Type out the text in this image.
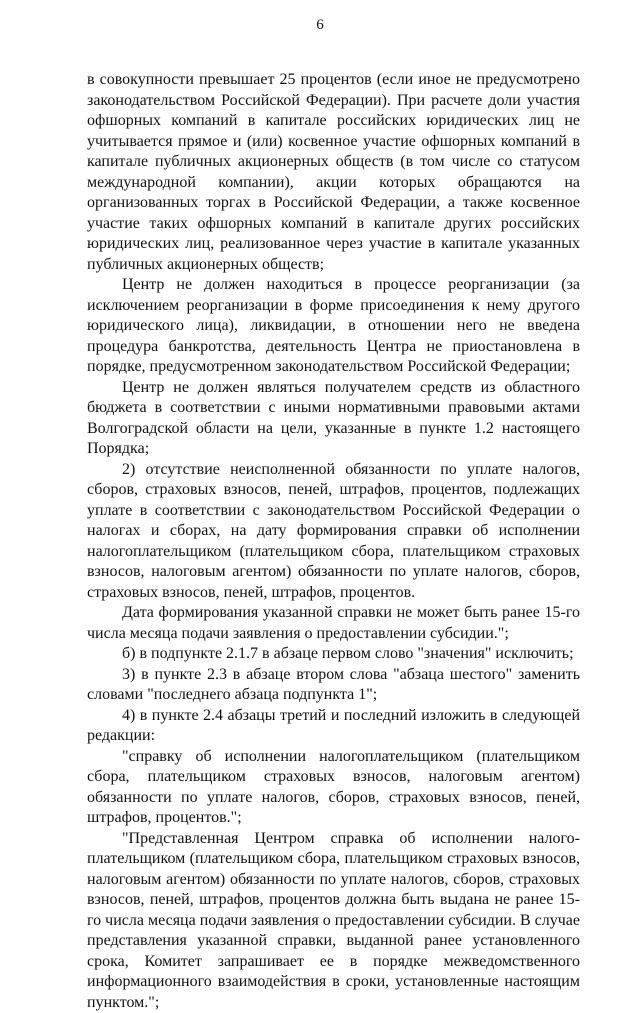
6

в совокупности превышает 25 процентов (если иное не предусмотрено законодательством Российской Федерации). При расчете доли участия офшорных компаний в капитале российских юридических лиц не учитывается прямое и (или) косвенное участие офшорных компаний в капитале публичных акционерных обществ (в том числе со статусом международной компании), акции которых обращаются на организованных торгах в Российской Федерации, а также косвенное участие таких офшорных компаний в капитале других российских юридических лиц, реализованное через участие в капитале указанных публичных акционерных обществ;

Центр не должен находиться в процессе реорганизации (за исключением реорганизации в форме присоединения к нему другого юридического лица), ликвидации, в отношении него не введена процедура банкротства, деятельность Центра не приостановлена в порядке, предусмотренном законодательством Российской Федерации;

Центр не должен являться получателем средств из областного бюджета в соответствии с иными нормативными правовыми актами Волгоградской области на цели, указанные в пункте 1.2 настоящего Порядка;

2) отсутствие неисполненной обязанности по уплате налогов, сборов, страховых взносов, пеней, штрафов, процентов, подлежащих уплате в соответствии с законодательством Российской Федерации о налогах и сборах, на дату формирования справки об исполнении налогоплательщиком (плательщиком сбора, плательщиком страховых взносов, налоговым агентом) обязанности по уплате налогов, сборов, страховых взносов, пеней, штрафов, процентов.

Дата формирования указанной справки не может быть ранее 15-го числа месяца подачи заявления о предоставлении субсидии.";

б) в подпункте 2.1.7 в абзаце первом слово "значения" исключить;

3) в пункте 2.3 в абзаце втором слова "абзаца шестого" заменить словами "последнего абзаца подпункта 1";

4) в пункте 2.4 абзацы третий и последний изложить в следующей редакции:

"справку об исполнении налогоплательщиком (плательщиком сбора, плательщиком страховых взносов, налоговым агентом) обязанности по уплате налогов, сборов, страховых взносов, пеней, штрафов, процентов.";

"Представленная Центром справка об исполнении налого-плательщиком (плательщиком сбора, плательщиком страховых взносов, налоговым агентом) обязанности по уплате налогов, сборов, страховых взносов, пеней, штрафов, процентов должна быть выдана не ранее 15-го числа месяца подачи заявления о предоставлении субсидии. В случае представления указанной справки, выданной ранее установленного срока, Комитет запрашивает ее в порядке межведомственного информационного взаимодействия в сроки, установленные настоящим пунктом.";
